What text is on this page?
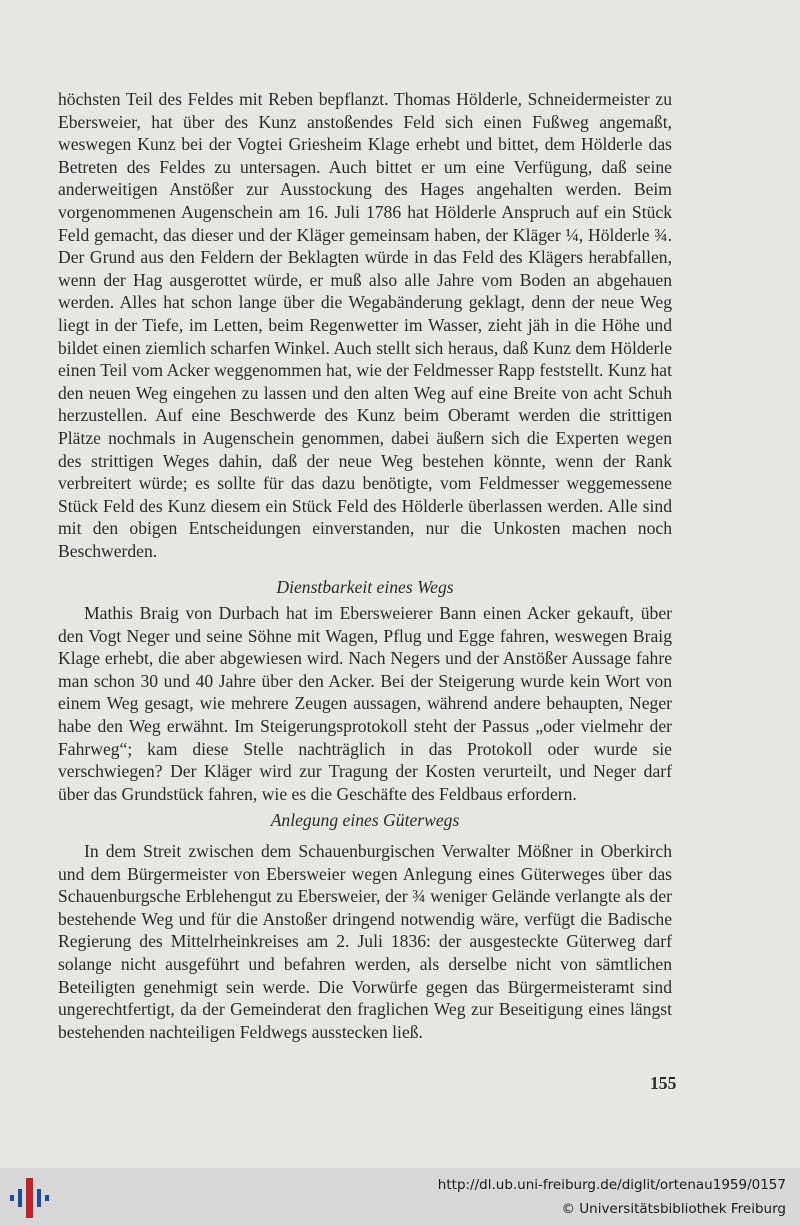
höchsten Teil des Feldes mit Reben bepflanzt. Thomas Hölderle, Schneidermeister zu Ebersweier, hat über des Kunz anstoßendes Feld sich einen Fußweg angemaßt, weswegen Kunz bei der Vogtei Griesheim Klage erhebt und bittet, dem Hölderle das Betreten des Feldes zu untersagen. Auch bittet er um eine Verfügung, daß seine anderweitigen Anstößer zur Ausstockung des Hages angehalten werden. Beim vorgenommenen Augenschein am 16. Juli 1786 hat Hölderle Anspruch auf ein Stück Feld gemacht, das dieser und der Kläger gemeinsam haben, der Kläger ¼, Hölderle ¾. Der Grund aus den Feldern der Beklagten würde in das Feld des Klägers herabfallen, wenn der Hag ausgerottet würde, er muß also alle Jahre vom Boden an abgehauen werden. Alles hat schon lange über die Wegabänderung geklagt, denn der neue Weg liegt in der Tiefe, im Letten, beim Regenwetter im Wasser, zieht jäh in die Höhe und bildet einen ziemlich scharfen Winkel. Auch stellt sich heraus, daß Kunz dem Hölderle einen Teil vom Acker weggenommen hat, wie der Feldmesser Rapp feststellt. Kunz hat den neuen Weg eingehen zu lassen und den alten Weg auf eine Breite von acht Schuh herzustellen. Auf eine Beschwerde des Kunz beim Oberamt werden die strittigen Plätze nochmals in Augenschein genommen, dabei äußern sich die Experten wegen des strittigen Weges dahin, daß der neue Weg bestehen könnte, wenn der Rank verbreitert würde; es sollte für das dazu benötigte, vom Feldmesser weggemessene Stück Feld des Kunz diesem ein Stück Feld des Hölderle überlassen werden. Alle sind mit den obigen Entscheidungen einverstanden, nur die Unkosten machen noch Beschwerden.

Dienstbarkeit eines Wegs

Mathis Braig von Durbach hat im Ebersweierer Bann einen Acker gekauft, über den Vogt Neger und seine Söhne mit Wagen, Pflug und Egge fahren, weswegen Braig Klage erhebt, die aber abgewiesen wird. Nach Negers und der Anstößer Aussage fahre man schon 30 und 40 Jahre über den Acker. Bei der Steigerung wurde kein Wort von einem Weg gesagt, wie mehrere Zeugen aussagen, während andere behaupten, Neger habe den Weg erwähnt. Im Steigerungsprotokoll steht der Passus „oder vielmehr der Fahrweg“; kam diese Stelle nachträglich in das Protokoll oder wurde sie verschwiegen? Der Kläger wird zur Tragung der Kosten verurteilt, und Neger darf über das Grundstück fahren, wie es die Geschäfte des Feldbaus erfordern.

Anlegung eines Güterwegs

In dem Streit zwischen dem Schauenburgischen Verwalter Mößner in Oberkirch und dem Bürgermeister von Ebersweier wegen Anlegung eines Güterweges über das Schauenburgsche Erblehengut zu Ebersweier, der ¾ weniger Gelände verlangte als der bestehende Weg und für die Anstoßer dringend notwendig wäre, verfügt die Badische Regierung des Mittelrheinkreises am 2. Juli 1836: der ausgesteckte Güterweg darf solange nicht ausgeführt und befahren werden, als derselbe nicht von sämtlichen Beteiligten genehmigt sein werde. Die Vorwürfe gegen das Bürgermeisteramt sind ungerechtfertigt, da der Gemeinderat den fraglichen Weg zur Beseitigung eines längst bestehenden nachteiligen Feldwegs ausstecken ließ.

155
http://dl.ub.uni-freiburg.de/diglit/ortenau1959/0157
© Universitätsbibliothek Freiburg
